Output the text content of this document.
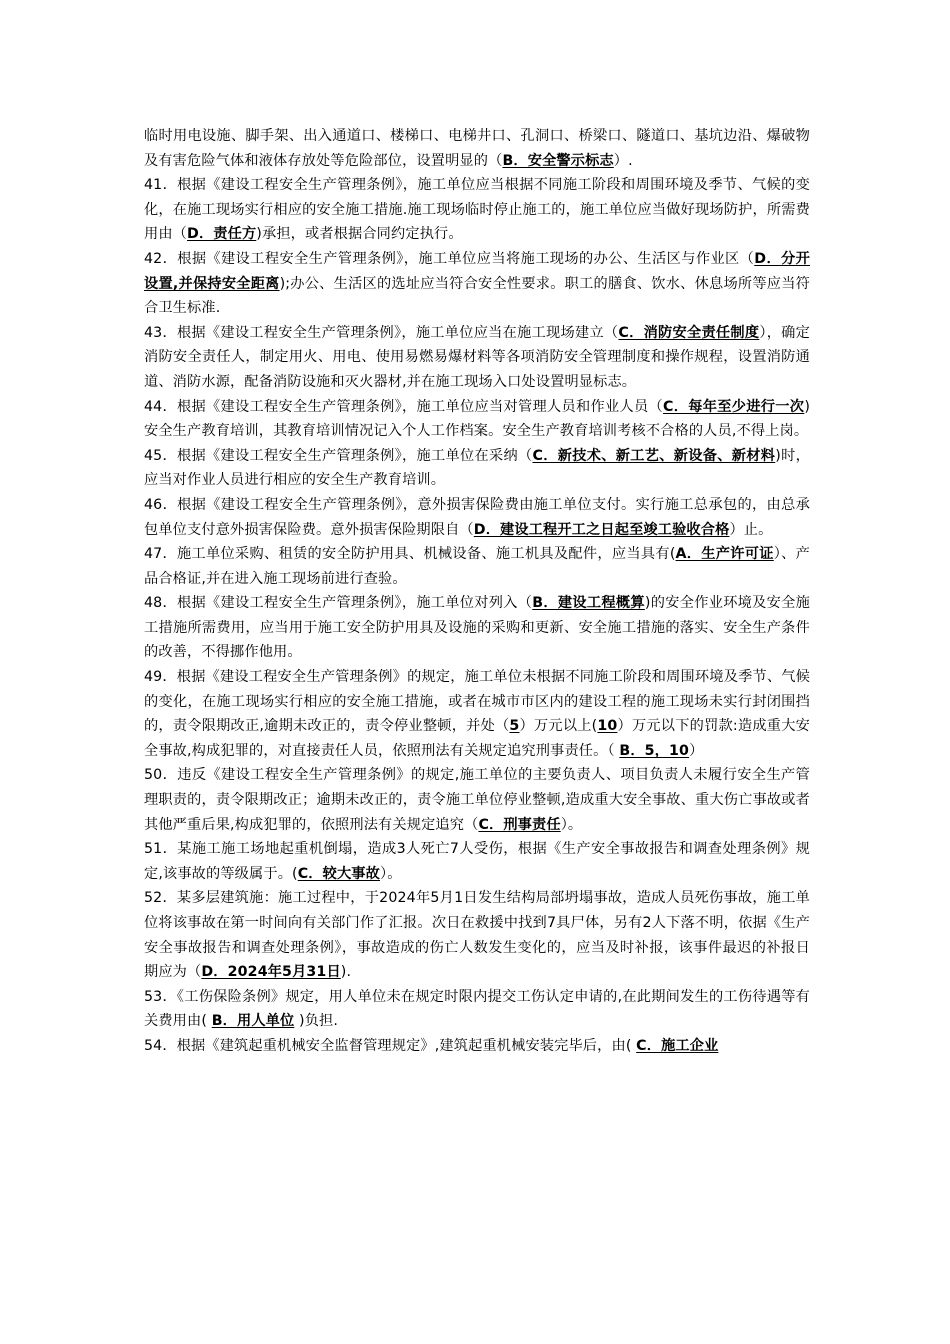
临时用电设施、脚手架、出入通道口、楼梯口、电梯井口、孔洞口、桥梁口、隧道口、基坑边沿、爆破物及有害危险气体和液体存放处等危险部位，设置明显的（B．安全警示标志）.

41．根据《建设工程安全生产管理条例》，施工单位应当根据不同施工阶段和周围环境及季节、气候的变化，在施工现场实行相应的安全施工措施.施工现场临时停止施工的，施工单位应当做好现场防护，所需费用由（D．责任方)承担，或者根据合同约定执行。

42．根据《建设工程安全生产管理条例》，施工单位应当将施工现场的办公、生活区与作业区（D．分开设置,并保持安全距离);办公、生活区的选址应当符合安全性要求。职工的膳食、饮水、休息场所等应当符合卫生标准.

43．根据《建设工程安全生产管理条例》，施工单位应当在施工现场建立（C．消防安全责任制度），确定消防安全责任人，制定用火、用电、使用易燃易爆材料等各项消防安全管理制度和操作规程，设置消防通道、消防水源，配备消防设施和灭火器材,并在施工现场入口处设置明显标志。

44．根据《建设工程安全生产管理条例》，施工单位应当对管理人员和作业人员（C．每年至少进行一次)安全生产教育培训，其教育培训情况记入个人工作档案。安全生产教育培训考核不合格的人员,不得上岗。

45．根据《建设工程安全生产管理条例》，施工单位在采纳（C．新技术、新工艺、新设备、新材料)时，应当对作业人员进行相应的安全生产教育培训。

46．根据《建设工程安全生产管理条例》，意外损害保险费由施工单位支付。实行施工总承包的，由总承包单位支付意外损害保险费。意外损害保险期限自（D．建设工程开工之日起至竣工验收合格）止。

47．施工单位采购、租赁的安全防护用具、机械设备、施工机具及配件，应当具有(A．生产许可证）、产品合格证,并在进入施工现场前进行查验。

48．根据《建设工程安全生产管理条例》，施工单位对列入（B．建设工程概算)的安全作业环境及安全施工措施所需费用，应当用于施工安全防护用具及设施的采购和更新、安全施工措施的落实、安全生产条件的改善，不得挪作他用。

49．根据《建设工程安全生产管理条例》的规定，施工单位未根据不同施工阶段和周围环境及季节、气候的变化，在施工现场实行相应的安全施工措施，或者在城市市区内的建设工程的施工现场未实行封闭围挡的，责令限期改正,逾期未改正的，责令停业整顿，并处（5）万元以上(10）万元以下的罚款:造成重大安全事故,构成犯罪的，对直接责任人员，依照刑法有关规定追究刑事责任。（ B．5，10）

50．违反《建设工程安全生产管理条例》的规定,施工单位的主要负责人、项目负责人未履行安全生产管理职责的，责令限期改正；逾期未改正的，责令施工单位停业整顿,造成重大安全事故、重大伤亡事故或者其他严重后果,构成犯罪的，依照刑法有关规定追究（C．刑事责任）。

51．某施工施工场地起重机倒塌，造成3人死亡7人受伤，根据《生产安全事故报告和调查处理条例》规定,该事故的等级属于。(C．较大事故）。

52．某多层建筑施：施工过程中，于2024年5月1日发生结构局部坍塌事故，造成人员死伤事故，施工单位将该事故在第一时间向有关部门作了汇报。次日在救援中找到7具尸体，另有2人下落不明，依据《生产安全事故报告和调查处理条例》，事故造成的伤亡人数发生变化的，应当及时补报，该事件最迟的补报日期应为（D．2024年5月31日).

53．《工伤保险条例》规定，用人单位未在规定时限内提交工伤认定申请的,在此期间发生的工伤待遇等有关费用由( B．用人单位 )负担.

54．根据《建筑起重机械安全监督管理规定》,建筑起重机械安装完毕后，由( C．施工企业
